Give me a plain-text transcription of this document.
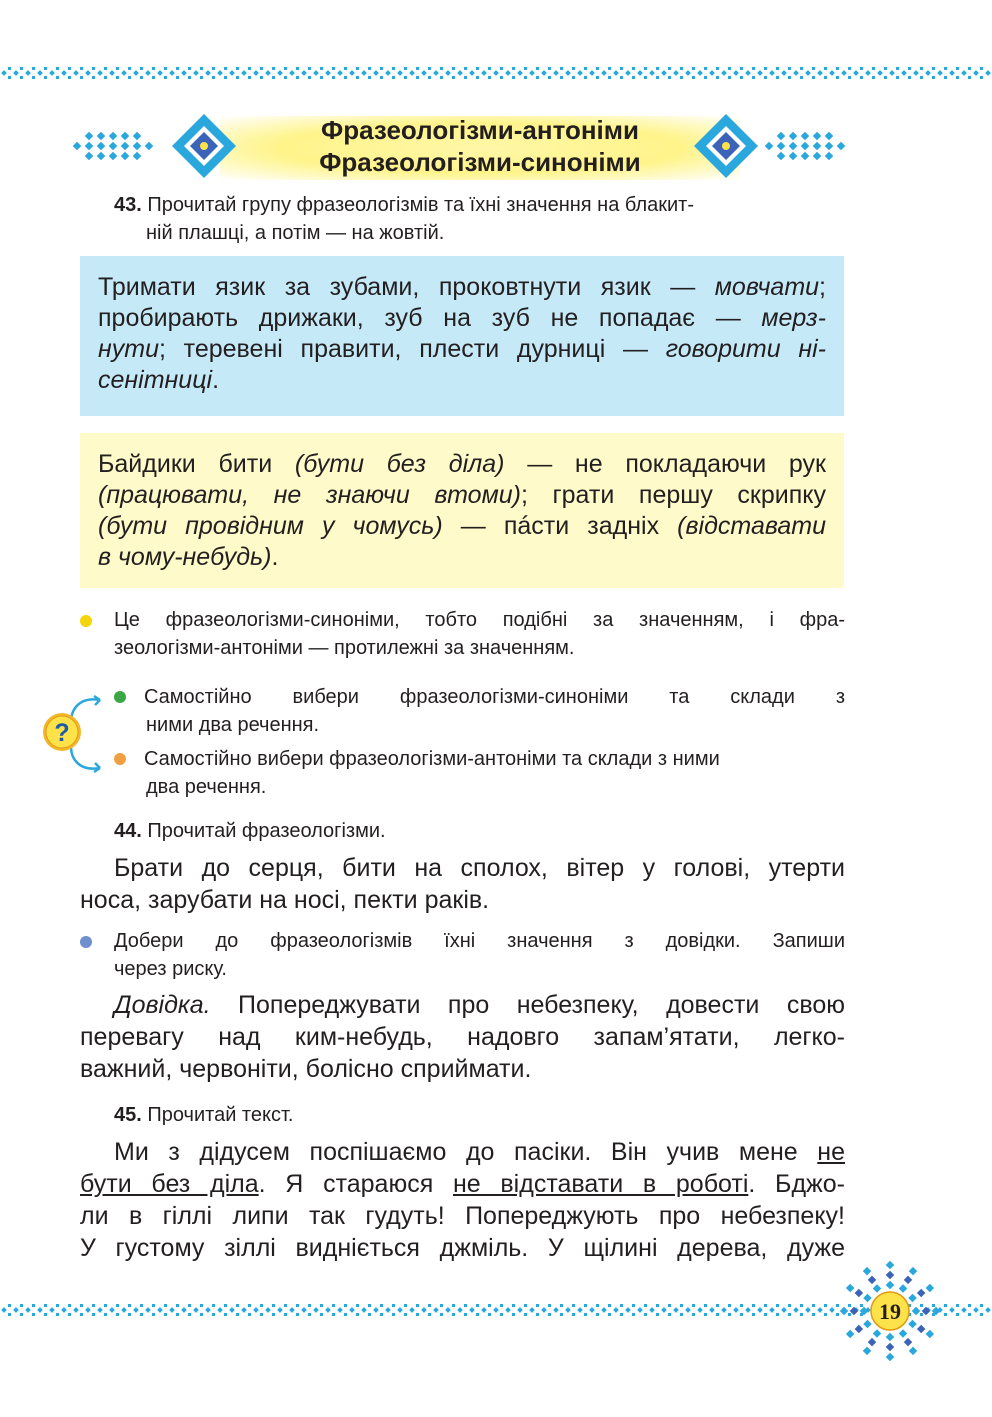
Фразеологізми-антоніми
Фразеологізми-синоніми
43. Прочитай групу фразеологізмів та їхні значення на блакит-
ній плашці, а потім — на жовтій.
Тримати язик за зубами, проковтнути язик — мовчати;
пробирають дрижаки, зуб на зуб не попадає — мерз-
нути; теревені правити, плести дурниці — говорити ні-
сенітниці.
Байдики бити (бути без діла) — не покладаючи рук
(працювати, не знаючи втоми); грати першу скрипку
(бути провідним у чомусь) — пáсти задніх (відставати
в чому-небудь).
Це фразеологізми-синоніми, тобто подібні за значенням, і фра-
зеологізми-антоніми — протилежні за значенням.
?
Самостійно вибери фразеологізми-синоніми та склади з
ними два речення.
Самостійно вибери фразеологізми-антоніми та склади з ними
два речення.
44. Прочитай фразеологізми.
Брати до серця, бити на сполох, вітер у голові, утерти
носа, зарубати на носі, пекти раків.
Добери до фразеологізмів їхні значення з довідки. Запиши
через риску.
Довідка. Попереджувати про небезпеку, довести свою
перевагу над ким-небудь, надовго запам’ятати, легко-
важний, червоніти, болісно сприймати.
45. Прочитай текст.
Ми з дідусем поспішаємо до пасіки. Він учив мене не
бути без діла. Я стараюся не відставати в роботі. Бджо-
ли в гіллі липи так гудуть! Попереджують про небезпеку!
У густому зіллі видніється джміль. У щілині дерева, дуже
19
